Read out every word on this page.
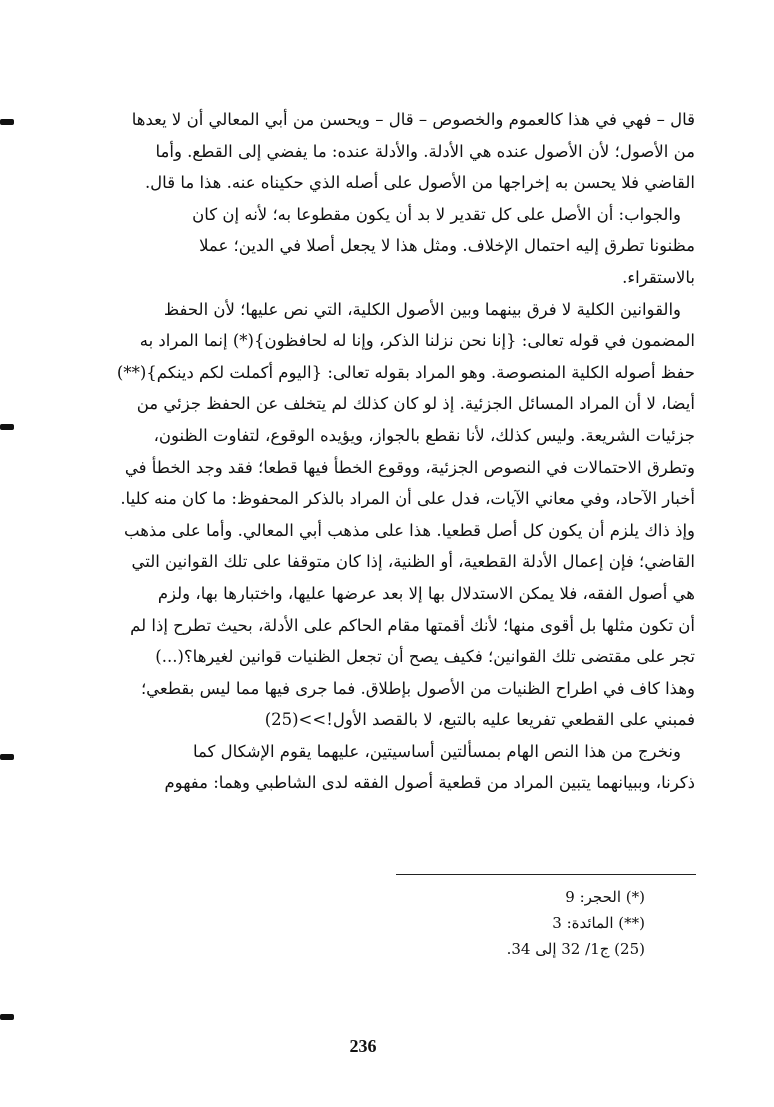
قال – فهي في هذا كالعموم والخصوص – قال – ويحسن من أبي المعالي أن لا يعدها
من الأصول؛ لأن الأصول عنده هي الأدلة. والأدلة عنده: ما يفضي إلى القطع. وأما
القاضي فلا يحسن به إخراجها من الأصول على أصله الذي حكيناه عنه. هذا ما قال.
والجواب: أن الأصل على كل تقدير لا بد أن يكون مقطوعا به؛ لأنه إن كان
مظنونا تطرق إليه احتمال الإخلاف. ومثل هذا لا يجعل أصلا في الدين؛ عملا
بالاستقراء.
والقوانين الكلية لا فرق بينهما وبين الأصول الكلية، التي نص عليها؛ لأن الحفظ
المضمون في قوله تعالى: {إنا نحن نزلنا الذكر، وإنا له لحافظون}(*) إنما المراد به
حفظ أصوله الكلية المنصوصة. وهو المراد بقوله تعالى: {اليوم أكملت لكم دينكم}(**)
أيضا، لا أن المراد المسائل الجزئية. إذ لو كان كذلك لم يتخلف عن الحفظ جزئي من
جزئيات الشريعة. وليس كذلك، لأنا نقطع بالجواز، ويؤيده الوقوع، لتفاوت الظنون،
وتطرق الاحتمالات في النصوص الجزئية، ووقوع الخطأ فيها قطعا؛ فقد وجد الخطأ في
أخبار الآحاد، وفي معاني الآيات، فدل على أن المراد بالذكر المحفوظ: ما كان منه كليا.
وإذ ذاك يلزم أن يكون كل أصل قطعيا. هذا على مذهب أبي المعالي. وأما على مذهب
القاضي؛ فإن إعمال الأدلة القطعية، أو الظنية، إذا كان متوقفا على تلك القوانين التي
هي أصول الفقه، فلا يمكن الاستدلال بها إلا بعد عرضها عليها، واختبارها بها، ولزم
أن تكون مثلها بل أقوى منها؛ لأنك أقمتها مقام الحاكم على الأدلة، بحيث تطرح إذا لم
تجر على مقتضى تلك القوانين؛ فكيف يصح أن تجعل الظنيات قوانين لغيرها؟(...)
وهذا كاف في اطراح الظنيات من الأصول بإطلاق. فما جرى فيها مما ليس بقطعي؛
فمبني على القطعي تفريعا عليه بالتبع، لا بالقصد الأول!>>(25)
ونخرج من هذا النص الهام بمسألتين أساسيتين، عليهما يقوم الإشكال كما
ذكرنا، وببيانهما يتبين المراد من قطعية أصول الفقه لدى الشاطبي وهما: مفهوم
(*) الحجر: 9
(**) المائدة: 3
(25) ج1/ 32 إلى 34.
236
